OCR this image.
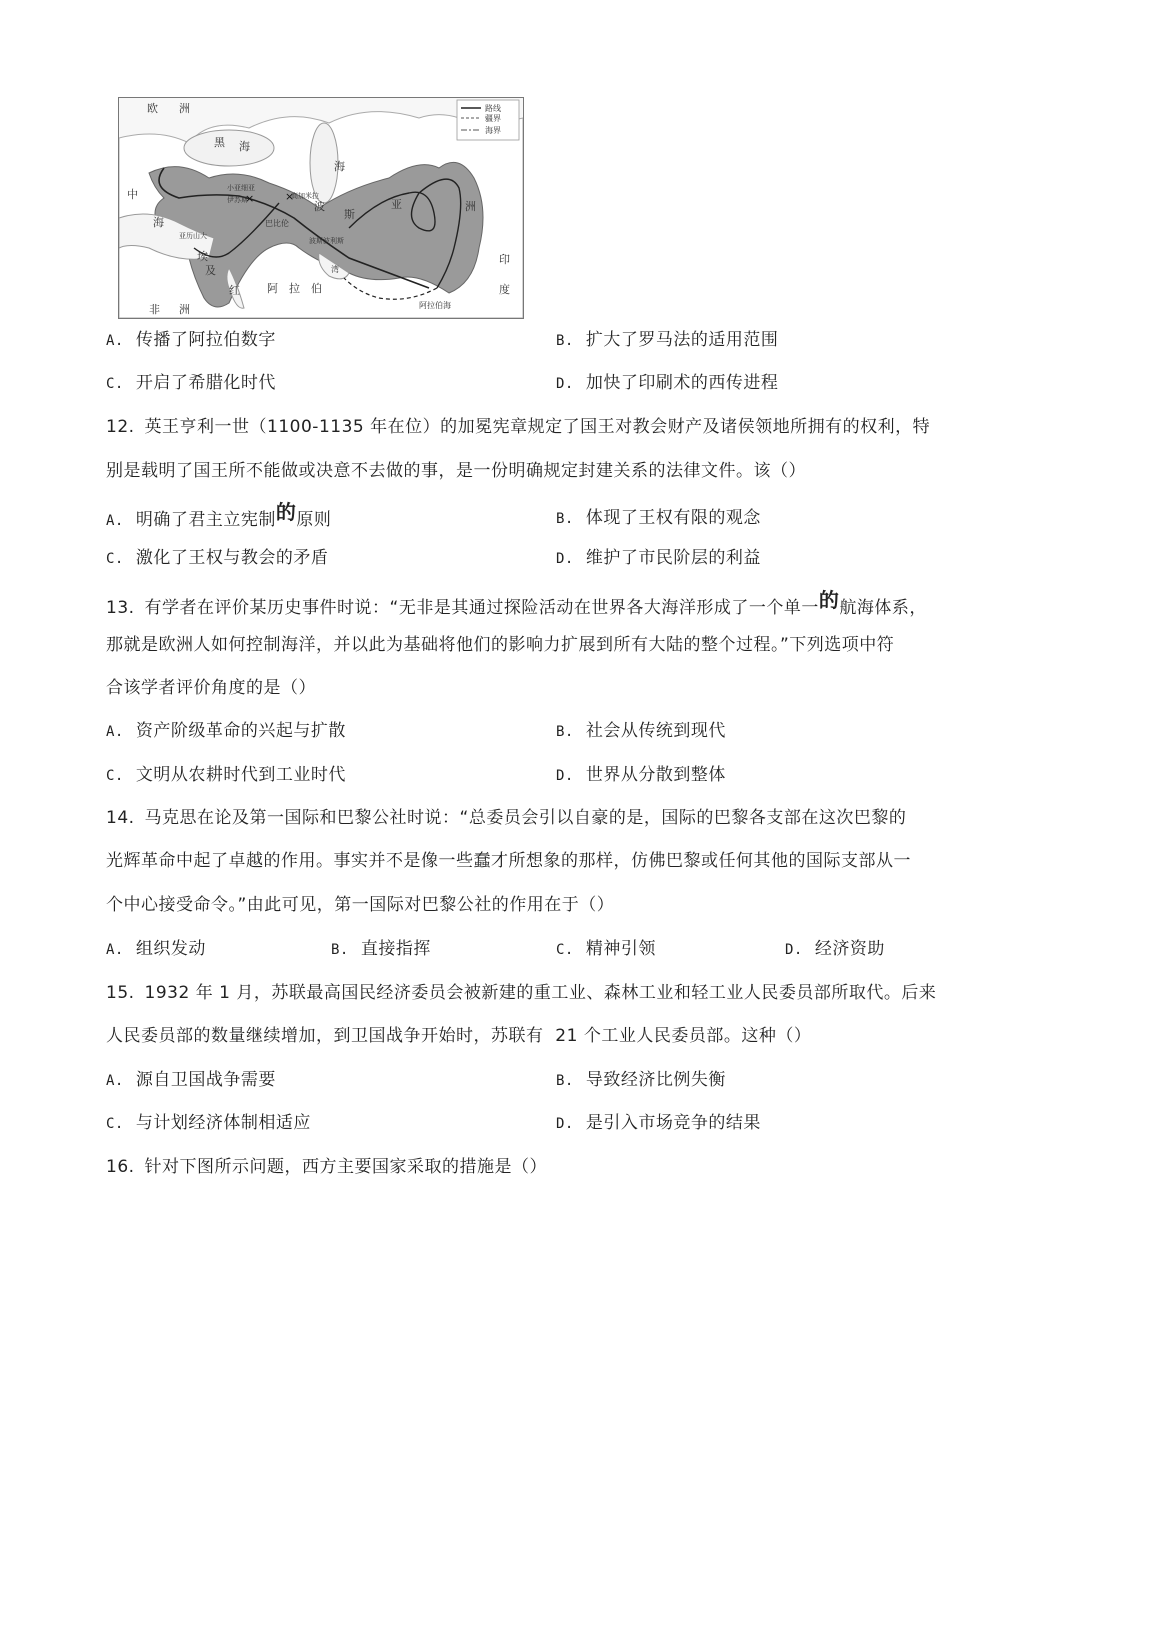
×	×
路线
疆界
海界
欧 洲
黑 海
海
中
海
小亚细亚
伊苏斯	高加米拉
巴比伦
波
斯
波斯波利斯
亚	洲
亚历山大
埃
及
红 阿 拉 伯
湾
非 洲
印
度
阿拉伯海
A. 传播了阿拉伯数字	B. 扩大了罗马法的适用范围
C. 开启了希腊化时代	D. 加快了印刷术的西传进程
12. 英王亨利一世（1100-1135 年在位）的加冕宪章规定了国王对教会财产及诸侯领地所拥有的权利，特
别是载明了国王所不能做或决意不去做的事，是一份明确规定封建关系的法律文件。该（）
A. 明确了君主立宪制的原则	B. 体现了王权有限的观念
C. 激化了王权与教会的矛盾	D. 维护了市民阶层的利益
13. 有学者在评价某历史事件时说：“无非是其通过探险活动在世界各大海洋形成了一个单一的航海体系，
那就是欧洲人如何控制海洋，并以此为基础将他们的影响力扩展到所有大陆的整个过程。”下列选项中符
合该学者评价角度的是（）
A. 资产阶级革命的兴起与扩散	B. 社会从传统到现代
C. 文明从农耕时代到工业时代	D. 世界从分散到整体
14. 马克思在论及第一国际和巴黎公社时说：“总委员会引以自豪的是，国际的巴黎各支部在这次巴黎的
光辉革命中起了卓越的作用。事实并不是像一些蠢才所想象的那样，仿佛巴黎或任何其他的国际支部从一
个中心接受命令。”由此可见，第一国际对巴黎公社的作用在于（）
A. 组织发动	B. 直接指挥	C. 精神引领	D. 经济资助
15. 1932 年 1 月，苏联最高国民经济委员会被新建的重工业、森林工业和轻工业人民委员部所取代。后来
人民委员部的数量继续增加，到卫国战争开始时，苏联有  21 个工业人民委员部。这种（）
A. 源自卫国战争需要	B. 导致经济比例失衡
C. 与计划经济体制相适应	D. 是引入市场竞争的结果
16. 针对下图所示问题，西方主要国家采取的措施是（）
